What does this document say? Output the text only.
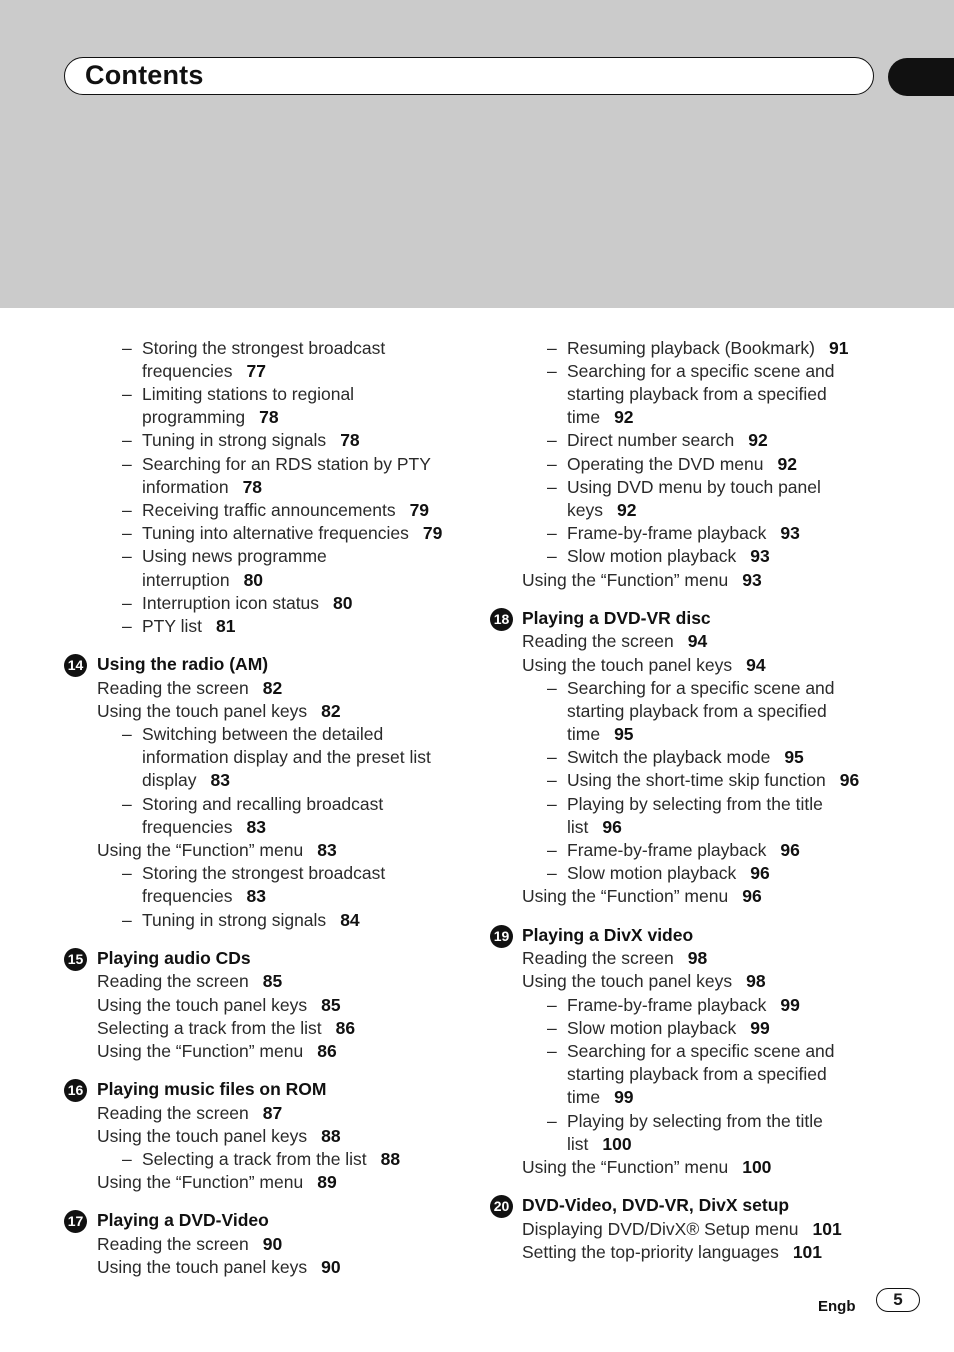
Contents
– Storing the strongest broadcast
frequencies 77
– Limiting stations to regional
programming 78
– Tuning in strong signals 78
– Searching for an RDS station by PTY
information 78
– Receiving traffic announcements 79
– Tuning into alternative frequencies 79
– Using news programme
interruption 80
– Interruption icon status 80
– PTY list 81
14 Using the radio (AM)
Reading the screen 82
Using the touch panel keys 82
– Switching between the detailed
information display and the preset list
display 83
– Storing and recalling broadcast
frequencies 83
Using the “Function” menu 83
– Storing the strongest broadcast
frequencies 83
– Tuning in strong signals 84
15 Playing audio CDs
Reading the screen 85
Using the touch panel keys 85
Selecting a track from the list 86
Using the “Function” menu 86
16 Playing music files on ROM
Reading the screen 87
Using the touch panel keys 88
– Selecting a track from the list 88
Using the “Function” menu 89
17 Playing a DVD-Video
Reading the screen 90
Using the touch panel keys 90
– Resuming playback (Bookmark) 91
– Searching for a specific scene and
starting playback from a specified
time 92
– Direct number search 92
– Operating the DVD menu 92
– Using DVD menu by touch panel
keys 92
– Frame-by-frame playback 93
– Slow motion playback 93
Using the “Function” menu 93
18 Playing a DVD-VR disc
Reading the screen 94
Using the touch panel keys 94
– Searching for a specific scene and
starting playback from a specified
time 95
– Switch the playback mode 95
– Using the short-time skip function 96
– Playing by selecting from the title
list 96
– Frame-by-frame playback 96
– Slow motion playback 96
Using the “Function” menu 96
19 Playing a DivX video
Reading the screen 98
Using the touch panel keys 98
– Frame-by-frame playback 99
– Slow motion playback 99
– Searching for a specific scene and
starting playback from a specified
time 99
– Playing by selecting from the title
list 100
Using the “Function” menu 100
20 DVD-Video, DVD-VR, DivX setup
Displaying DVD/DivX® Setup menu 101
Setting the top-priority languages 101
Engb	5
